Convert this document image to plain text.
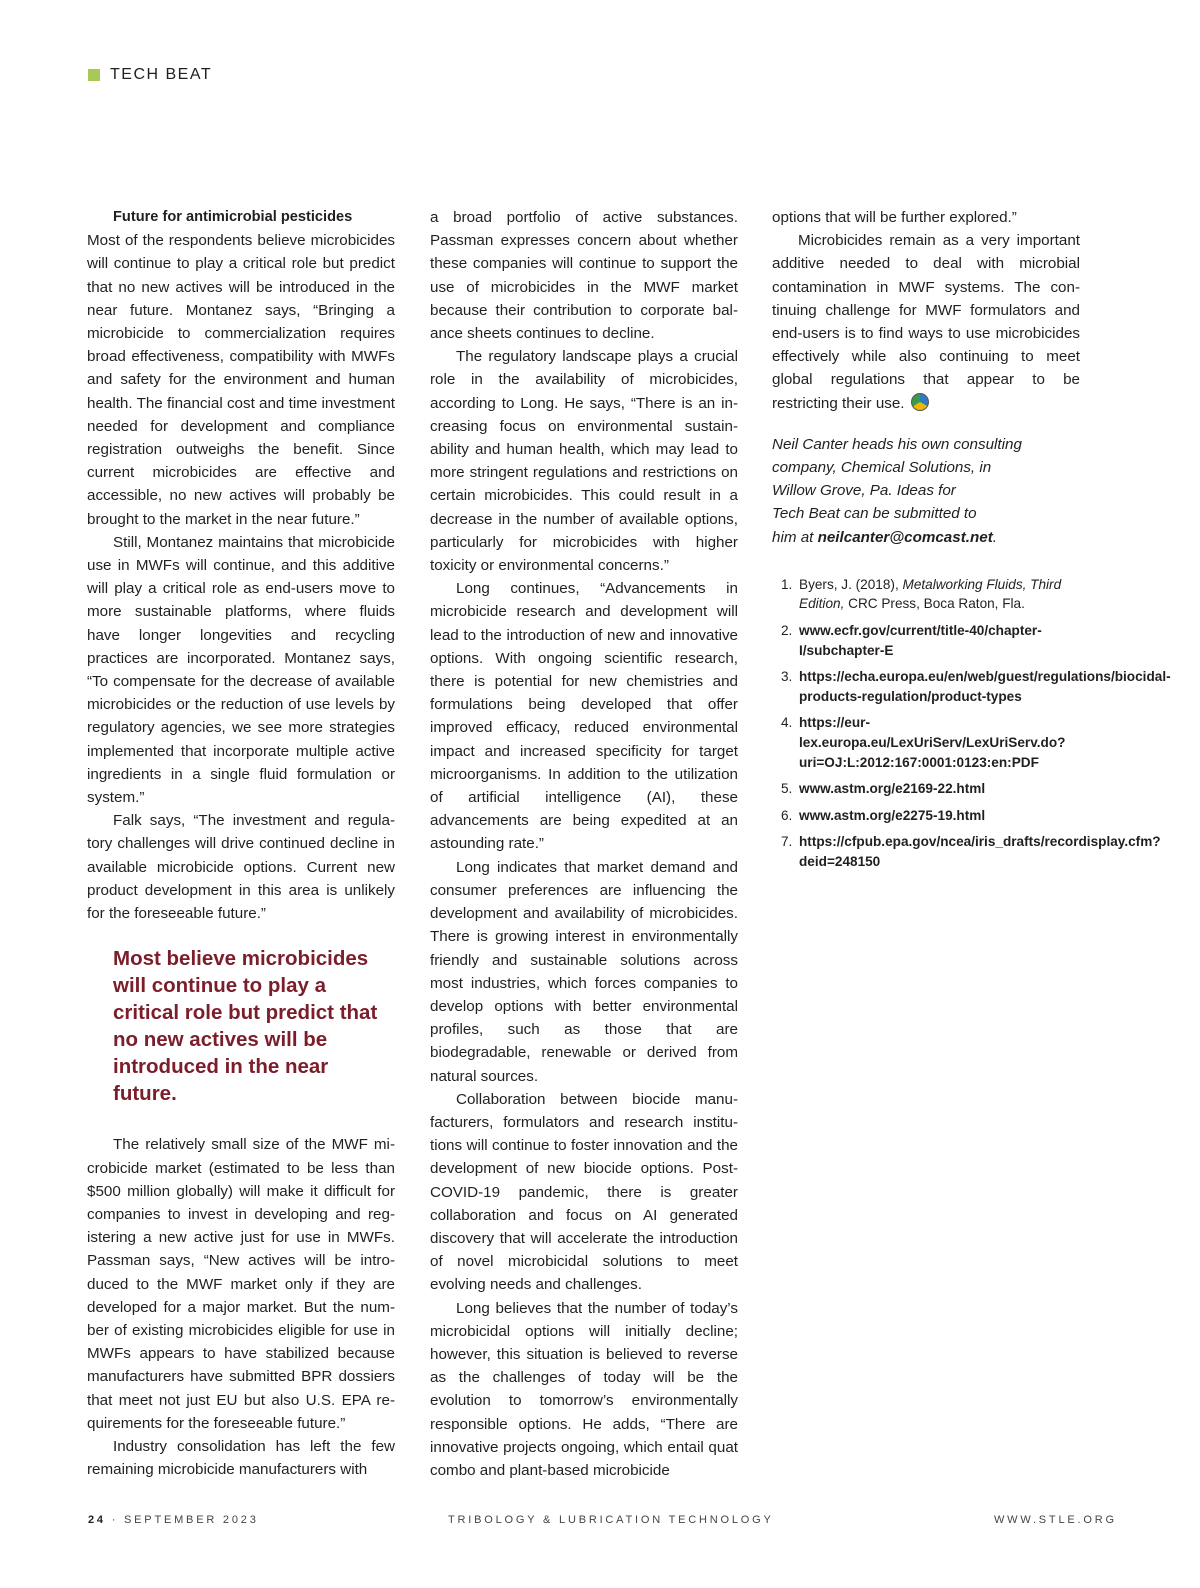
TECH BEAT

Future for antimicrobial pesticides

Most of the respondents believe microbicides will continue to play a critical role but predict that no new actives will be introduced in the near future. Montanez says, “Bringing a microbicide to commercialization requires broad effectiveness, compatibility with MWFs and safety for the environment and human health. The financial cost and time investment needed for development and compliance registration outweighs the benefit. Since current microbicides are effective and accessible, no new actives will probably be brought to the market in the near future.”

Still, Montanez maintains that microbicide use in MWFs will continue, and this additive will play a critical role as end-users move to more sustainable platforms, where fluids have longer longevities and recycling practices are incorporated. Montanez says, “To compensate for the decrease of available microbicides or the reduction of use levels by regulatory agencies, we see more strategies implemented that incorporate multiple active ingredients in a single fluid formulation or system.”

Falk says, “The investment and regulatory challenges will drive continued decline in available microbicide options. Current new product development in this area is unlikely for the foreseeable future.”

Most believe microbicides will continue to play a critical role but predict that no new actives will be introduced in the near future.

The relatively small size of the MWF microbicide market (estimated to be less than $500 million globally) will make it difficult for companies to invest in developing and registering a new active just for use in MWFs. Passman says, “New actives will be introduced to the MWF market only if they are developed for a major market. But the number of existing microbicides eligible for use in MWFs appears to have stabilized because manufacturers have submitted BPR dossiers that meet not just EU but also U.S. EPA requirements for the foreseeable future.”

Industry consolidation has left the few remaining microbicide manufacturers with

a broad portfolio of active substances. Passman expresses concern about whether these companies will continue to support the use of microbicides in the MWF market because their contribution to corporate balance sheets continues to decline.

The regulatory landscape plays a crucial role in the availability of microbicides, according to Long. He says, “There is an increasing focus on environmental sustainability and human health, which may lead to more stringent regulations and restrictions on certain microbicides. This could result in a decrease in the number of available options, particularly for microbicides with higher toxicity or environmental concerns.”

Long continues, “Advancements in microbicide research and development will lead to the introduction of new and innovative options. With ongoing scientific research, there is potential for new chemistries and formulations being developed that offer improved efficacy, reduced environmental impact and increased specificity for target microorganisms. In addition to the utilization of artificial intelligence (AI), these advancements are being expedited at an astounding rate.”

Long indicates that market demand and consumer preferences are influencing the development and availability of microbicides. There is growing interest in environmentally friendly and sustainable solutions across most industries, which forces companies to develop options with better environmental profiles, such as those that are biodegradable, renewable or derived from natural sources.

Collaboration between biocide manufacturers, formulators and research institutions will continue to foster innovation and the development of new biocide options. Post-COVID-19 pandemic, there is greater collaboration and focus on AI generated discovery that will accelerate the introduction of novel microbicidal solutions to meet evolving needs and challenges.

Long believes that the number of today’s microbicidal options will initially decline; however, this situation is believed to reverse as the challenges of today will be the evolution to tomorrow’s environmentally responsible options. He adds, “There are innovative projects ongoing, which entail quat combo and plant-based microbicide

options that will be further explored.”

Microbicides remain as a very important additive needed to deal with microbial contamination in MWF systems. The continuing challenge for MWF formulators and end-users is to find ways to use microbicides effectively while also continuing to meet global regulations that appear to be restricting their use.

Neil Canter heads his own consulting
company, Chemical Solutions, in
Willow Grove, Pa. Ideas for
Tech Beat can be submitted to
him at neilcanter@comcast.net.
1. Byers, J. (2018), Metalworking Fluids, Third Edition, CRC Press, Boca Raton, Fla.
2. www.ecfr.gov/current/title-40/chapter-I/subchapter-E
3. https://echa.europa.eu/en/web/guest/regulations/biocidal-products-regulation/product-types
4. https://eur-lex.europa.eu/LexUriServ/LexUriServ.do?uri=OJ:L:2012:167:0001:0123:en:PDF
5. www.astm.org/e2169-22.html
6. www.astm.org/e2275-19.html
7. https://cfpub.epa.gov/ncea/iris_drafts/recordisplay.cfm?deid=248150
24 · SEPTEMBER 2023	TRIBOLOGY & LUBRICATION TECHNOLOGY	WWW.STLE.ORG
